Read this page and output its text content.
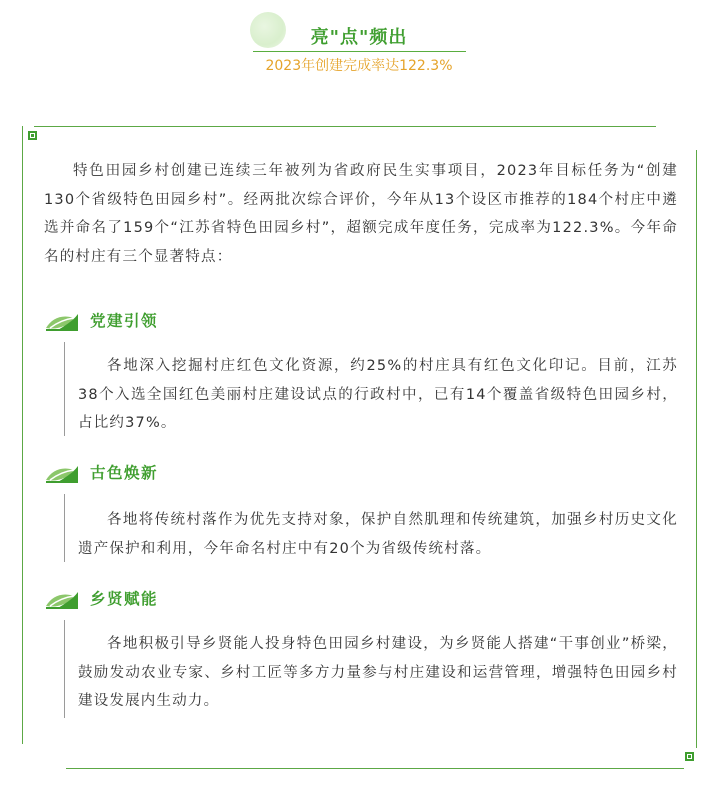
亮"点"频出
2023年创建完成率达122.3%
特色田园乡村创建已连续三年被列为省政府民生实事项目，2023年目标任务为“创建130个省级特色田园乡村”。经两批次综合评价，今年从13个设区市推荐的184个村庄中遴选并命名了159个“江苏省特色田园乡村”，超额完成年度任务，完成率为122.3%。今年命名的村庄有三个显著特点：
党建引领
各地深入挖掘村庄红色文化资源，约25%的村庄具有红色文化印记。目前，江苏38个入选全国红色美丽村庄建设试点的行政村中，已有14个覆盖省级特色田园乡村，占比约37%。
古色焕新
各地将传统村落作为优先支持对象，保护自然肌理和传统建筑，加强乡村历史文化遗产保护和利用，今年命名村庄中有20个为省级传统村落。
乡贤赋能
各地积极引导乡贤能人投身特色田园乡村建设，为乡贤能人搭建“干事创业”桥梁，鼓励发动农业专家、乡村工匠等多方力量参与村庄建设和运营管理，增强特色田园乡村建设发展内生动力。
